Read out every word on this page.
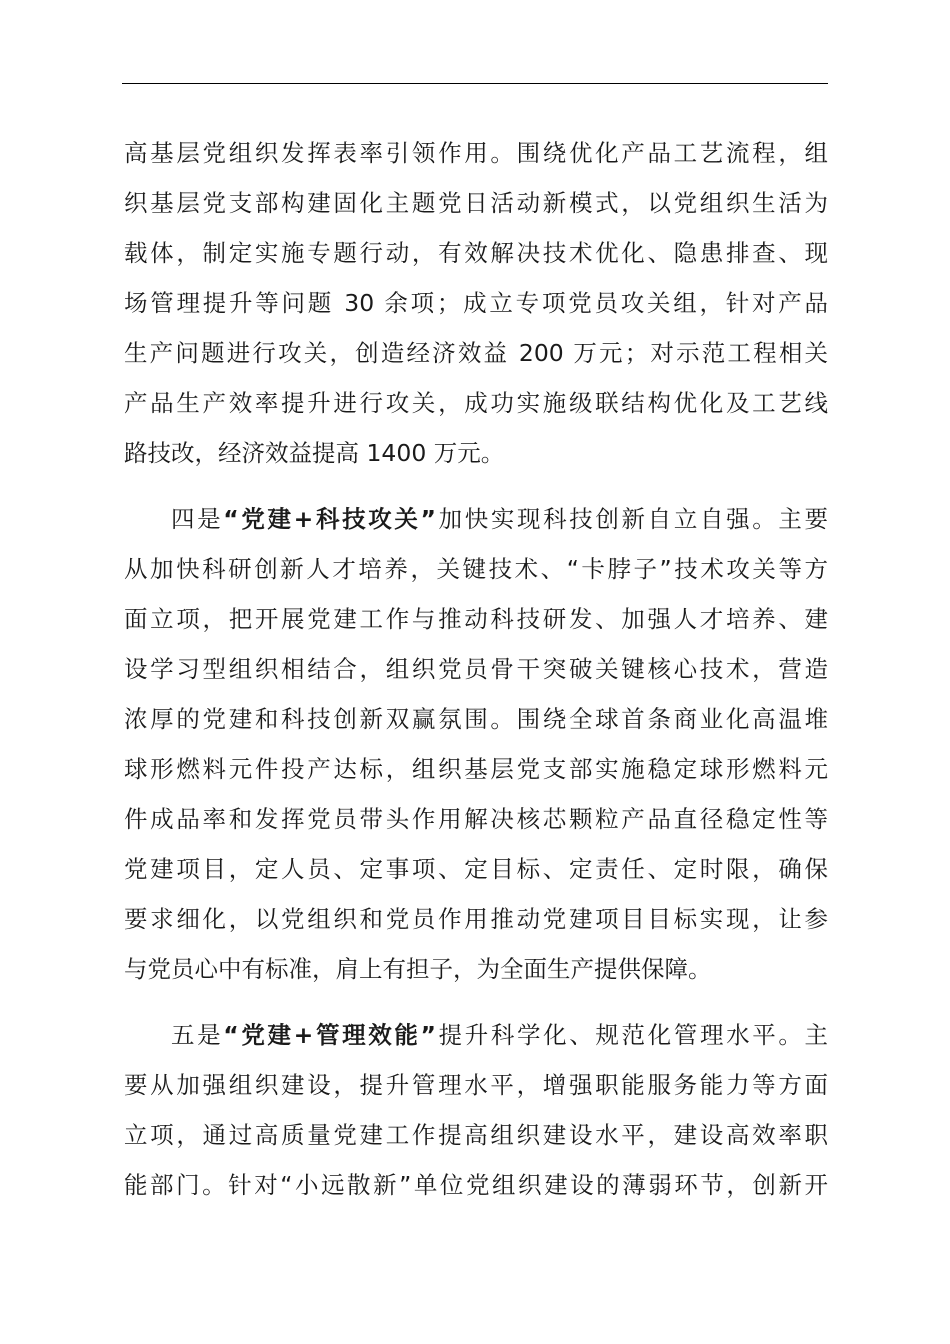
高基层党组织发挥表率引领作用。围绕优化产品工艺流程，组
织基层党支部构建固化主题党日活动新模式，以党组织生活为
载体，制定实施专题行动，有效解决技术优化、隐患排查、现
场管理提升等问题 30 余项；成立专项党员攻关组，针对产品
生产问题进行攻关，创造经济效益 200 万元；对示范工程相关
产品生产效率提升进行攻关，成功实施级联结构优化及工艺线
路技改，经济效益提高 1400 万元。
四是“党建+科技攻关”加快实现科技创新自立自强。主要
从加快科研创新人才培养，关键技术、“卡脖子”技术攻关等方
面立项，把开展党建工作与推动科技研发、加强人才培养、建
设学习型组织相结合，组织党员骨干突破关键核心技术，营造
浓厚的党建和科技创新双赢氛围。围绕全球首条商业化高温堆
球形燃料元件投产达标，组织基层党支部实施稳定球形燃料元
件成品率和发挥党员带头作用解决核芯颗粒产品直径稳定性等
党建项目，定人员、定事项、定目标、定责任、定时限，确保
要求细化，以党组织和党员作用推动党建项目目标实现，让参
与党员心中有标准，肩上有担子，为全面生产提供保障。
五是“党建+管理效能”提升科学化、规范化管理水平。主
要从加强组织建设，提升管理水平，增强职能服务能力等方面
立项，通过高质量党建工作提高组织建设水平，建设高效率职
能部门。针对“小远散新”单位党组织建设的薄弱环节，创新开
